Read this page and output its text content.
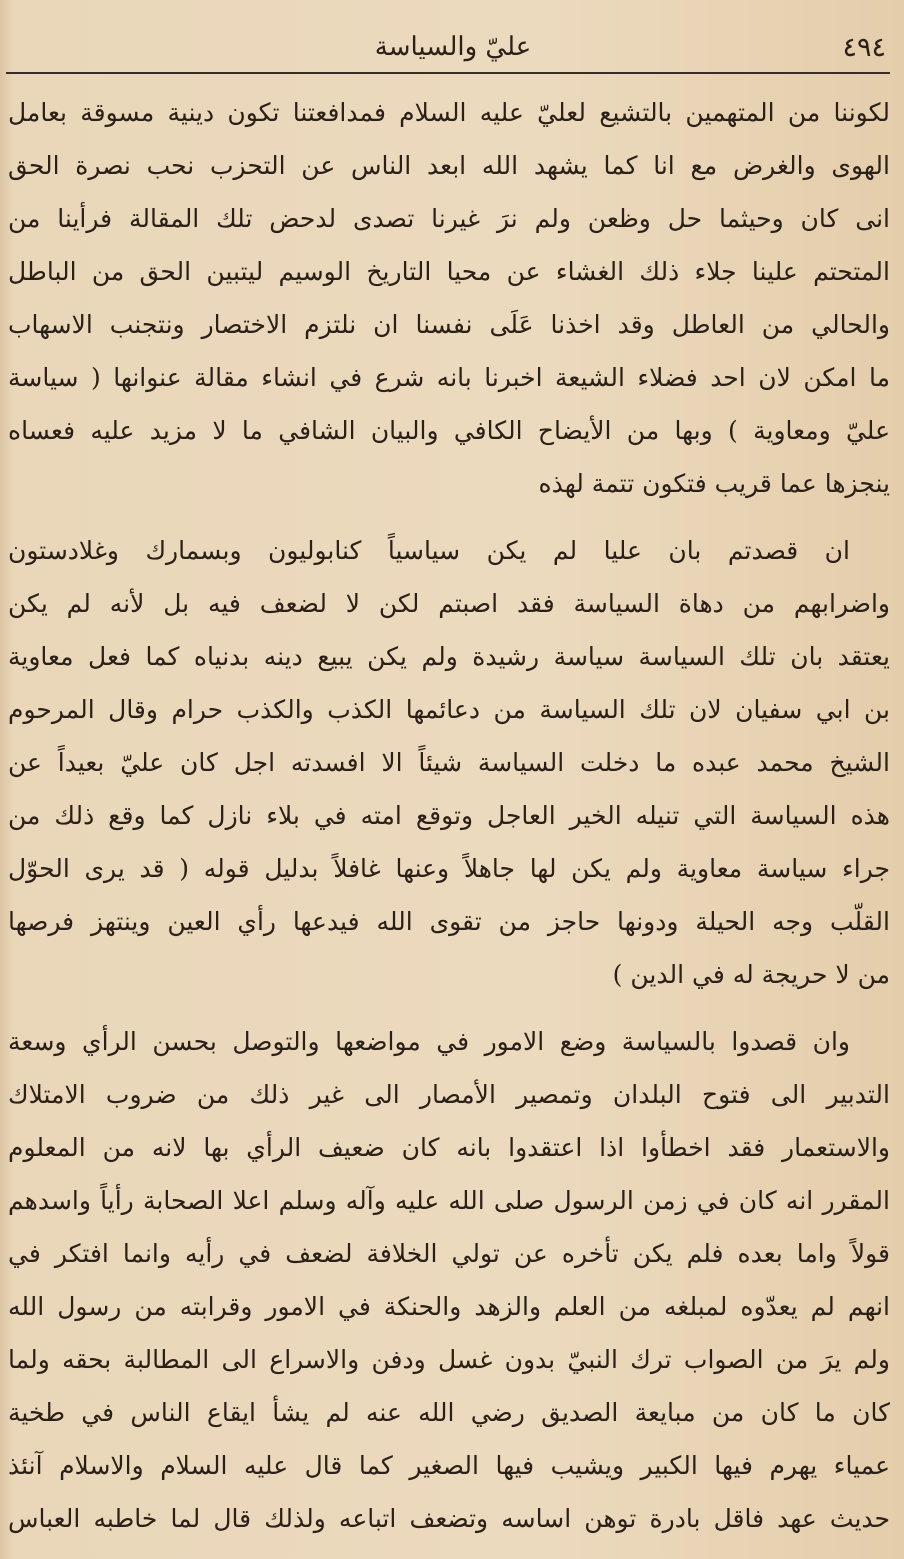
٤٩٤
عليّ والسياسة
لكوننا من المتهمين بالتشيع لعليّ عليه السلام فمدافعتنا تكون دينية مسوقة بعامل
الهوى والغرض مع انا كما يشهد الله ابعد الناس عن التحزب نحب نصرة الحق
انى كان وحيثما حل وظعن ولم نرَ غيرنا تصدى لدحض تلك المقالة فرأينا من
المتحتم علينا جلاء ذلك الغشاء عن محيا التاريخ الوسيم ليتبين الحق من الباطل
والحالي من العاطل وقد اخذنا عَلَى نفسنا ان نلتزم الاختصار ونتجنب الاسهاب
ما امكن لان احد فضلاء الشيعة اخبرنا بانه شرع في انشاء مقالة عنوانها ( سياسة
عليّ ومعاوية ) وبها من الأيضاح الكافي والبيان الشافي ما لا مزيد عليه فعساه
ينجزها عما قريب فتكون تتمة لهذه
ان قصدتم بان عليا لم يكن سياسياً كنابوليون وبسمارك وغلادستون
واضرابهم من دهاة السياسة فقد اصبتم لكن لا لضعف فيه بل لأنه لم يكن
يعتقد بان تلك السياسة سياسة رشيدة ولم يكن يبيع دينه بدنياه كما فعل معاوية
بن ابي سفيان لان تلك السياسة من دعائمها الكذب والكذب حرام وقال المرحوم
الشيخ محمد عبده ما دخلت السياسة شيئاً الا افسدته اجل كان عليّ بعيداً عن
هذه السياسة التي تنيله الخير العاجل وتوقع امته في بلاء نازل كما وقع ذلك من
جراء سياسة معاوية ولم يكن لها جاهلاً وعنها غافلاً بدليل قوله ( قد يرى الحوّل
القلّب وجه الحيلة ودونها حاجز من تقوى الله فيدعها رأي العين وينتهز فرصها
من لا حريجة له في الدين )
وان قصدوا بالسياسة وضع الامور في مواضعها والتوصل بحسن الرأي وسعة
التدبير الى فتوح البلدان وتمصير الأمصار الى غير ذلك من ضروب الامتلاك
والاستعمار فقد اخطأوا اذا اعتقدوا بانه كان ضعيف الرأي بها لانه من المعلوم
المقرر انه كان في زمن الرسول صلى الله عليه وآله وسلم اعلا الصحابة رأياً واسدهم
قولاً واما بعده فلم يكن تأخره عن تولي الخلافة لضعف في رأيه وانما افتكر في
انهم لم يعدّوه لمبلغه من العلم والزهد والحنكة في الامور وقرابته من رسول الله
ولم يرَ من الصواب ترك النبيّ بدون غسل ودفن والاسراع الى المطالبة بحقه ولما
كان ما كان من مبايعة الصديق رضي الله عنه لم يشأ ايقاع الناس في طخية
عمياء يهرم فيها الكبير ويشيب فيها الصغير كما قال عليه السلام والاسلام آنئذ
حديث عهد فاقل بادرة توهن اساسه وتضعف اتباعه ولذلك قال لما خاطبه العباس
